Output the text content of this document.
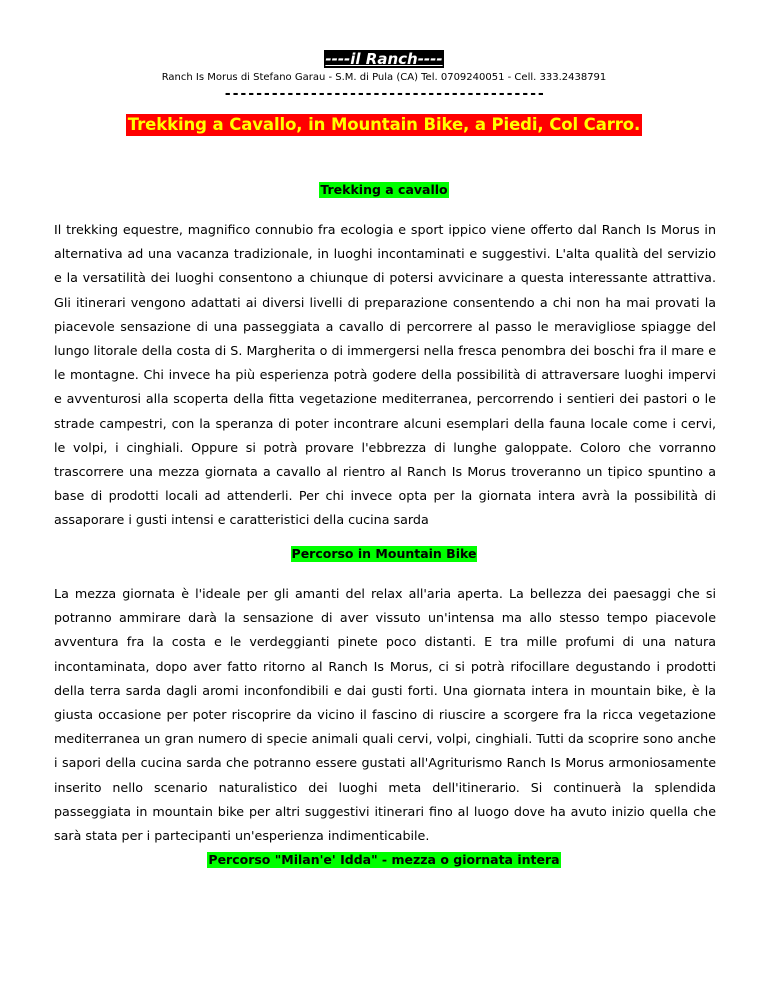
----il Ranch----
Ranch Is Morus di Stefano Garau - S.M. di Pula (CA) Tel. 0709240051 - Cell. 333.2438791
-----------------------------------------
Trekking a Cavallo, in Mountain Bike, a Piedi, Col Carro.
Trekking a cavallo

Il trekking equestre, magnifico connubio fra ecologia e sport ippico viene offerto dal Ranch Is Morus in alternativa ad una vacanza tradizionale, in luoghi incontaminati e suggestivi. L'alta qualità del servizio e la versatilità dei luoghi consentono a chiunque di potersi avvicinare a questa interessante attrattiva. Gli itinerari vengono adattati ai diversi livelli di preparazione consentendo a chi non ha mai provati la piacevole sensazione di una passeggiata a cavallo di percorrere al passo le meravigliose spiagge del lungo litorale della costa di S. Margherita o di immergersi nella fresca penombra dei boschi fra il mare e le montagne. Chi invece ha più esperienza potrà godere della possibilità di attraversare luoghi impervi e avventurosi alla scoperta della fitta vegetazione mediterranea, percorrendo i sentieri dei pastori o le strade campestri, con la speranza di poter incontrare alcuni esemplari della fauna locale come i cervi, le volpi, i cinghiali. Oppure si potrà provare l'ebbrezza di lunghe galoppate. Coloro che vorranno trascorrere una mezza giornata a cavallo al rientro al Ranch Is Morus troveranno un tipico spuntino a base di prodotti locali ad attenderli. Per chi invece opta per la giornata intera avrà la possibilità di assaporare i gusti intensi e caratteristici della cucina sarda

Percorso in Mountain Bike

La mezza giornata è l'ideale per gli amanti del relax all'aria aperta. La bellezza dei paesaggi che si potranno ammirare darà la sensazione di aver vissuto un'intensa ma allo stesso tempo piacevole avventura fra la costa e le verdeggianti pinete poco distanti. E tra mille profumi di una natura incontaminata, dopo aver fatto ritorno al Ranch Is Morus, ci si potrà rifocillare degustando i prodotti della terra sarda dagli aromi inconfondibili e dai gusti forti. Una giornata intera in mountain bike, è la giusta occasione per poter riscoprire da vicino il fascino di riuscire a scorgere fra la ricca vegetazione mediterranea un gran numero di specie animali quali cervi, volpi, cinghiali. Tutti da scoprire sono anche i sapori della cucina sarda che potranno essere gustati all'Agriturismo Ranch Is Morus armoniosamente inserito nello scenario naturalistico dei luoghi meta dell'itinerario. Si continuerà la splendida passeggiata in mountain bike per altri suggestivi itinerari fino al luogo dove ha avuto inizio quella che sarà stata per i partecipanti un'esperienza indimenticabile.

Percorso "Milan'e' Idda" - mezza o giornata intera
